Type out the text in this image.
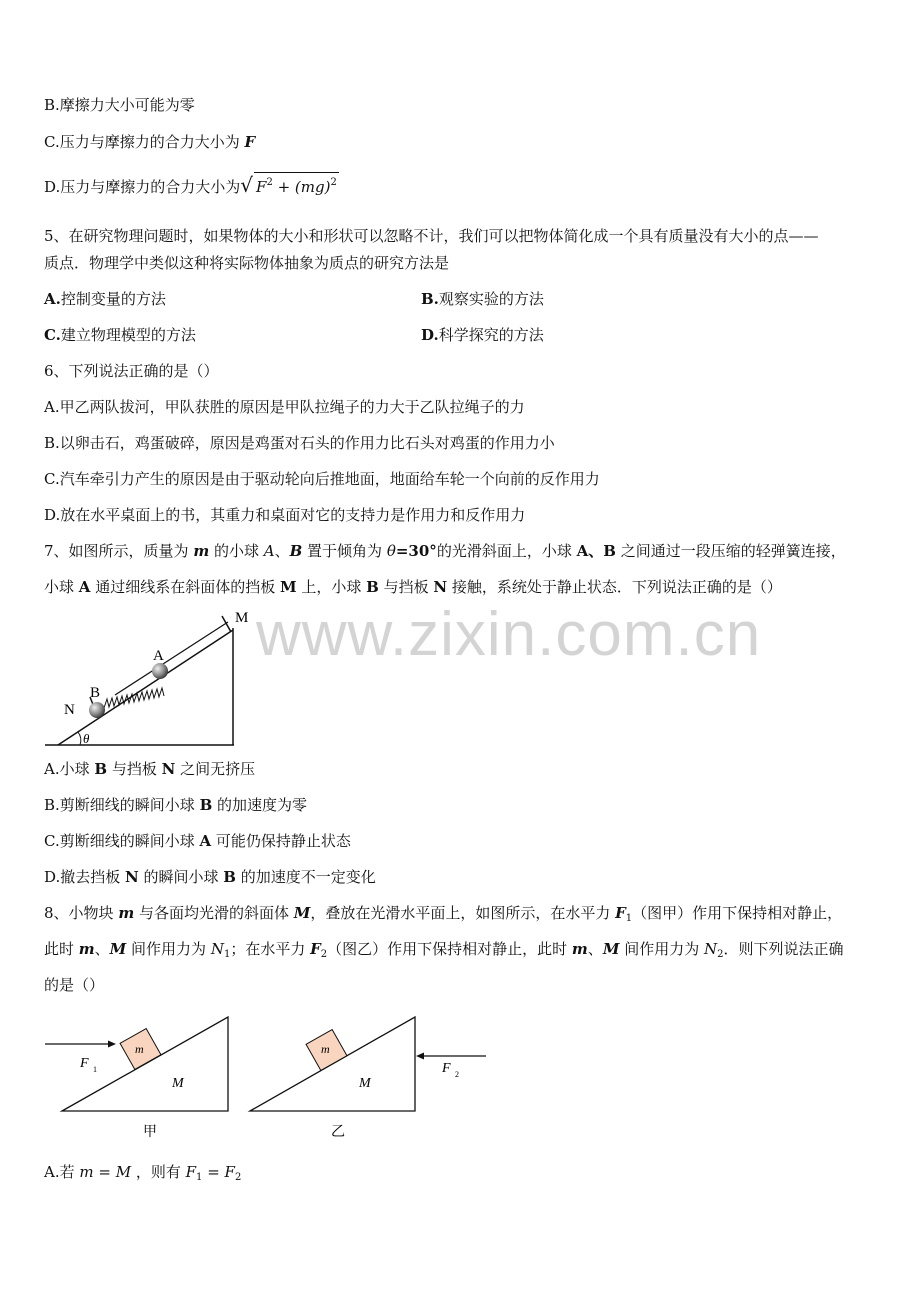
B.摩擦力大小可能为零
C.压力与摩擦力的合力大小为 F
5、在研究物理问题时，如果物体的大小和形状可以忽略不计，我们可以把物体简化成一个具有质量没有大小的点——
质点．物理学中类似这种将实际物体抽象为质点的研究方法是
A.控制变量的方法	B.观察实验的方法
C.建立物理模型的方法	D.科学探究的方法
6、下列说法正确的是（）
A.甲乙两队拔河，甲队获胜的原因是甲队拉绳子的力大于乙队拉绳子的力
B.以卵击石，鸡蛋破碎，原因是鸡蛋对石头的作用力比石头对鸡蛋的作用力小
C.汽车牵引力产生的原因是由于驱动轮向后推地面，地面给车轮一个向前的反作用力
D.放在水平桌面上的书，其重力和桌面对它的支持力是作用力和反作用力
7、如图所示，质量为 m 的小球 A、B 置于倾角为 θ=30°的光滑斜面上，小球 A、B 之间通过一段压缩的轻弹簧连接，
小球 A 通过细线系在斜面体的挡板 M 上，小球 B 与挡板 N 接触，系统处于静止状态．下列说法正确的是（）
A.小球 B 与挡板 N 之间无挤压
B.剪断细线的瞬间小球 B 的加速度为零
C.剪断细线的瞬间小球 A 可能仍保持静止状态
D.撤去挡板 N 的瞬间小球 B 的加速度不一定变化
8、小物块 m 与各面均光滑的斜面体 M，叠放在光滑水平面上，如图所示，在水平力 $F_1$（图甲）作用下保持相对静止，
此时 m、M 间作用力为 $N_1$；在水平力 $F_2$（图乙）作用下保持相对静止，此时 m、M 间作用力为 $N_2$．则下列说法正确
的是（）
A.若 m = M ，则有 $F_1 = F_2$
D.压力与摩擦力的合力大小为√ $F^2 + (mg)^2$
www.zixin.com.cn
M
A
B
N
θ
m
M
F 1
甲
m
M
F 2
乙
